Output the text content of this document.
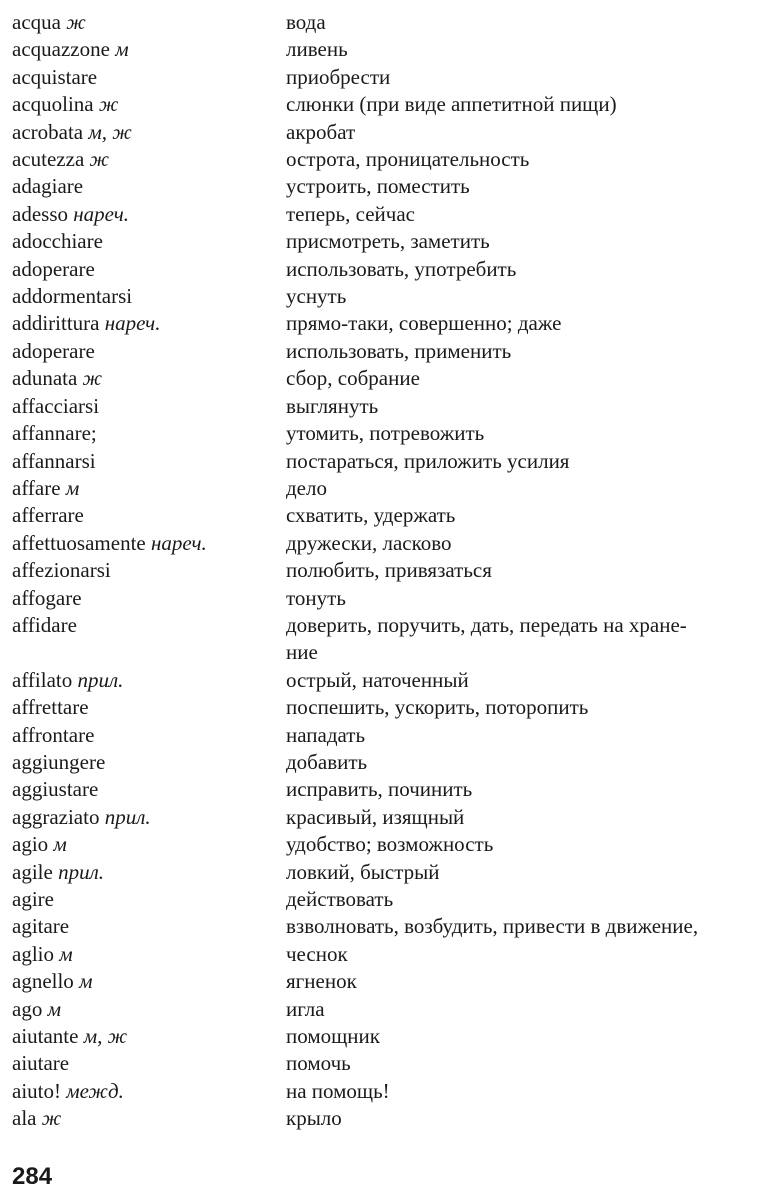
acqua ж	вода
acquazzone м	ливень
acquistare	приобрести
acquolina ж	слюнки (при виде аппетитной пищи)
acrobata м, ж	акробат
acutezza ж	острота, проницательность
adagiare	устроить, поместить
adesso нареч.	теперь, сейчас
adocchiare	присмотреть, заметить
adoperare	использовать, употребить
addormentarsi	уснуть
addirittura нареч.	прямо-таки, совершенно; даже
adoperare	использовать, применить
adunata ж	сбор, собрание
affacciarsi	выглянуть
affannare;	утомить, потревожить
affannarsi	постараться, приложить усилия
affare м	дело
afferrare	схватить, удержать
affettuosamente нареч.	дружески, ласково
affezionarsi	полюбить, привязаться
affogare	тонуть
affidare	доверить, поручить, дать, передать на хране-
ние
affilato прил.	острый, наточенный
affrettare	поспешить, ускорить, поторопить
affrontare	нападать
aggiungere	добавить
aggiustare	исправить, починить
aggraziato прил.	красивый, изящный
agio м	удобство; возможность
agile прил.	ловкий, быстрый
agire	действовать
agitare	взволновать, возбудить, привести в движение,
aglio м	чеснок
agnello м	ягненок
ago м	игла
aiutante м, ж	помощник
aiutare	помочь
aiuto! межд.	на помощь!
ala ж	крыло
284
